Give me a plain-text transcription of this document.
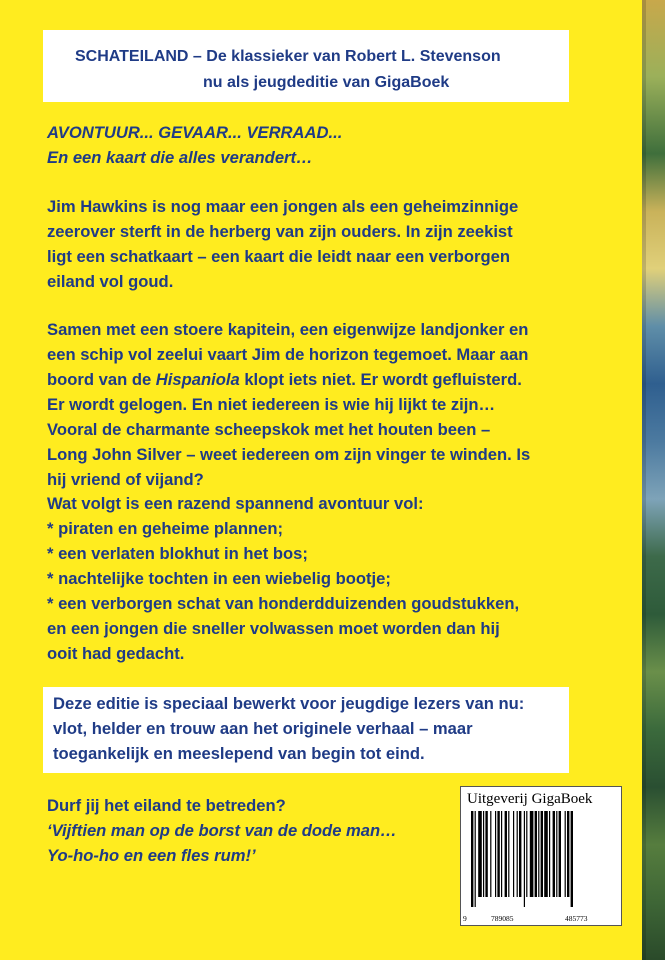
SCHATEILAND – De klassieker van Robert L. Stevenson
nu als jeugdeditie van GigaBoek
AVONTUUR... GEVAAR... VERRAAD...
En een kaart die alles verandert…
Jim Hawkins is nog maar een jongen als een geheimzinnige
zeerover sterft in de herberg van zijn ouders. In zijn zeekist
ligt een schatkaart – een kaart die leidt naar een verborgen
eiland vol goud.
Samen met een stoere kapitein, een eigenwijze landjonker en
een schip vol zeelui vaart Jim de horizon tegemoet. Maar aan
boord van de Hispaniola klopt iets niet. Er wordt gefluisterd.
Er wordt gelogen. En niet iedereen is wie hij lijkt te zijn…
Vooral de charmante scheepskok met het houten been –
Long John Silver – weet iedereen om zijn vinger te winden. Is
hij vriend of vijand?
Wat volgt is een razend spannend avontuur vol:
* piraten en geheime plannen;
* een verlaten blokhut in het bos;
* nachtelijke tochten in een wiebelig bootje;
* een verborgen schat van honderdduizenden goudstukken,
en een jongen die sneller volwassen moet worden dan hij
ooit had gedacht.
Deze editie is speciaal bewerkt voor jeugdige lezers van nu:
vlot, helder en trouw aan het originele verhaal – maar
toegankelijk en meeslepend van begin tot eind.
Durf jij het eiland te betreden?
‘Vijftien man op de borst van de dode man…
Yo-ho-ho en een fles rum!’
Uitgeverij GigaBoek
9	789085	485773
